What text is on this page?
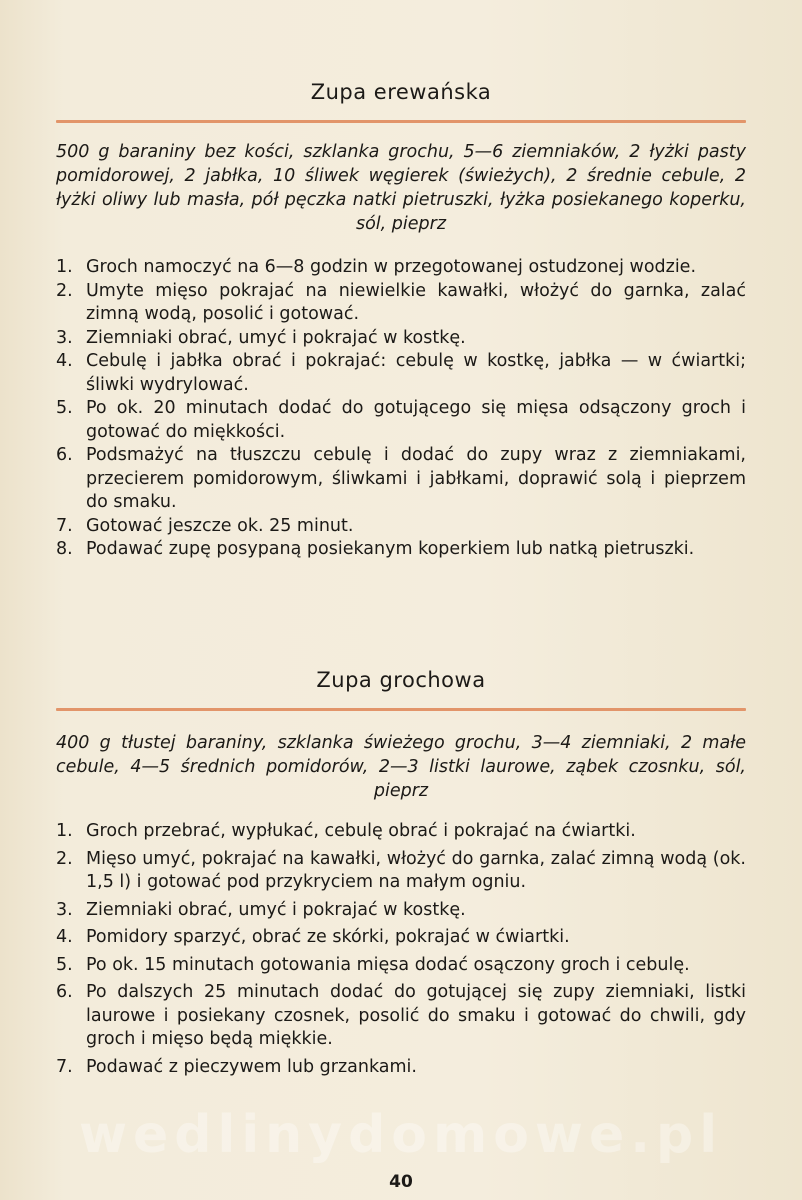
Zupa erewańska
500 g baraniny bez kości, szklanka grochu, 5—6 ziemniaków, 2 łyżki pasty pomidorowej, 2 jabłka, 10 śliwek węgierek (świeżych), 2 średnie cebule, 2 łyżki oliwy lub masła, pół pęczka natki pietruszki, łyżka posiekanego koperku, sól, pieprz
1. Groch namoczyć na 6—8 godzin w przegotowanej ostudzonej wodzie.
2. Umyte mięso pokrajać na niewielkie kawałki, włożyć do garnka, zalać zimną wodą, posolić i gotować.
3. Ziemniaki obrać, umyć i pokrajać w kostkę.
4. Cebulę i jabłka obrać i pokrajać: cebulę w kostkę, jabłka — w ćwiartki; śliwki wydrylować.
5. Po ok. 20 minutach dodać do gotującego się mięsa odsączony groch i gotować do miękkości.
6. Podsmażyć na tłuszczu cebulę i dodać do zupy wraz z ziemniakami, przecierem pomidorowym, śliwkami i jabłkami, doprawić solą i pieprzem do smaku.
7. Gotować jeszcze ok. 25 minut.
8. Podawać zupę posypaną posiekanym koperkiem lub natką pietruszki.
Zupa grochowa
400 g tłustej baraniny, szklanka świeżego grochu, 3—4 ziemniaki, 2 małe cebule, 4—5 średnich pomidorów, 2—3 listki laurowe, ząbek czosnku, sól, pieprz
1. Groch przebrać, wypłukać, cebulę obrać i pokrajać na ćwiartki.
2. Mięso umyć, pokrajać na kawałki, włożyć do garnka, zalać zimną wodą (ok. 1,5 l) i gotować pod przykryciem na małym ogniu.
3. Ziemniaki obrać, umyć i pokrajać w kostkę.
4. Pomidory sparzyć, obrać ze skórki, pokrajać w ćwiartki.
5. Po ok. 15 minutach gotowania mięsa dodać osączony groch i cebulę.
6. Po dalszych 25 minutach dodać do gotującej się zupy ziemniaki, listki laurowe i posiekany czosnek, posolić do smaku i gotować do chwili, gdy groch i mięso będą miękkie.
7. Podawać z pieczywem lub grzankami.
wedlinydomowe.pl
40
